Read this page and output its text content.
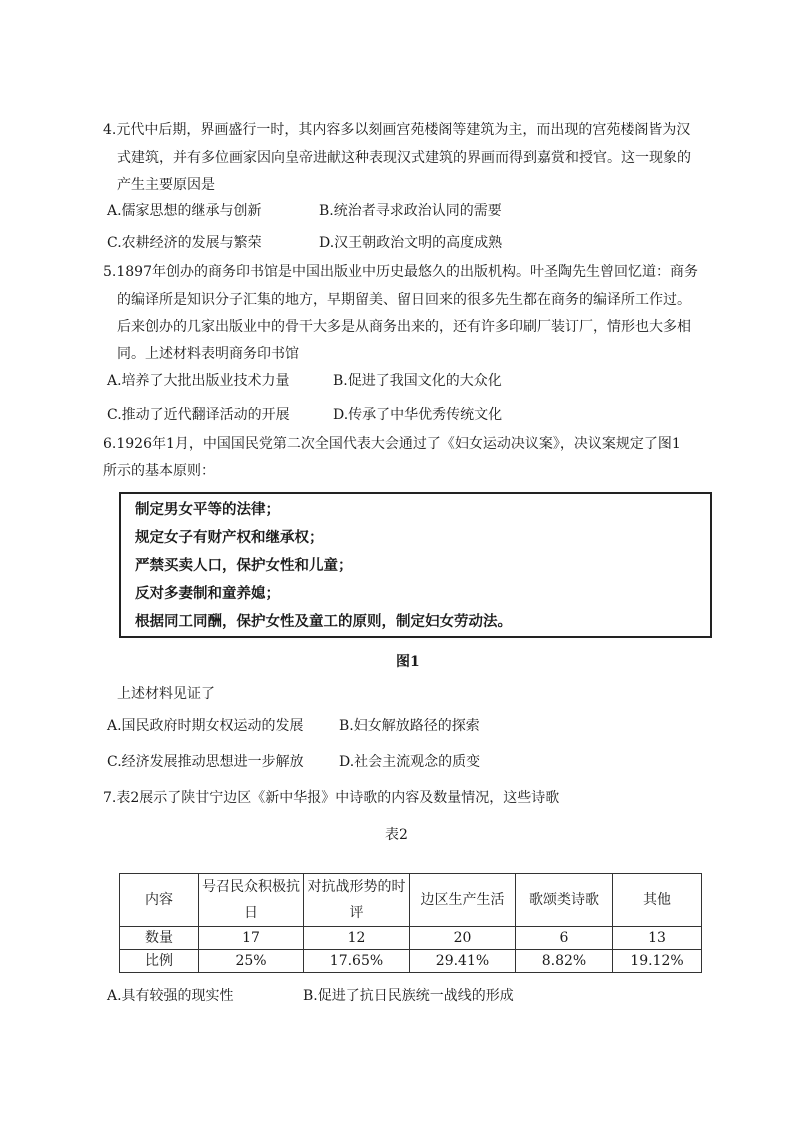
4.元代中后期，界画盛行一时，其内容多以刻画宫苑楼阁等建筑为主，而出现的宫苑楼阁皆为汉
式建筑，并有多位画家因向皇帝进献这种表现汉式建筑的界画而得到嘉赏和授官。这一现象的
产生主要原因是
A.儒家思想的继承与创新	B.统治者寻求政治认同的需要
C.农耕经济的发展与繁荣	D.汉王朝政治文明的高度成熟
5.1897年创办的商务印书馆是中国出版业中历史最悠久的出版机构。叶圣陶先生曾回忆道：商务
的编译所是知识分子汇集的地方，早期留美、留日回来的很多先生都在商务的编译所工作过。
后来创办的几家出版业中的骨干大多是从商务出来的，还有许多印刷厂装订厂，情形也大多相
同。上述材料表明商务印书馆
A.培养了大批出版业技术力量	B.促进了我国文化的大众化
C.推动了近代翻译活动的开展	D.传承了中华优秀传统文化
6.1926年1月，中国国民党第二次全国代表大会通过了《妇女运动决议案》，决议案规定了图1
所示的基本原则：
制定男女平等的法律；
规定女子有财产权和继承权；
严禁买卖人口，保护女性和儿童；
反对多妻制和童养媳；
根据同工同酬，保护女性及童工的原则，制定妇女劳动法。
图1
上述材料见证了
A.国民政府时期女权运动的发展	B.妇女解放路径的探索
C.经济发展推动思想进一步解放	D.社会主流观念的质变
7.表2展示了陕甘宁边区《新中华报》中诗歌的内容及数量情况，这些诗歌
表2
内容	号召民众积极抗日	对抗战形势的时评	边区生产生活	歌颂类诗歌	其他
数量	17	12	20	6	13
比例	25%	17.65%	29.41%	8.82%	19.12%
A.具有较强的现实性	B.促进了抗日民族统一战线的形成
